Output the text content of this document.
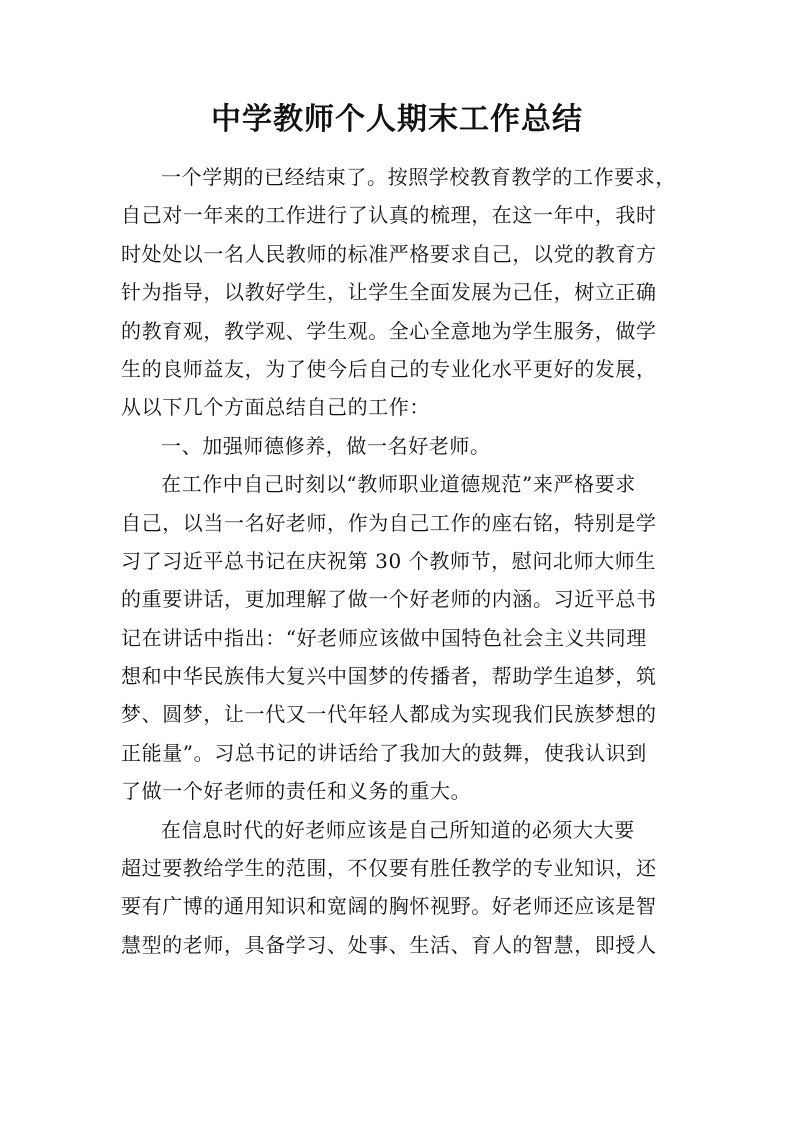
中学教师个人期末工作总结
一个学期的已经结束了。按照学校教育教学的工作要求，
自己对一年来的工作进行了认真的梳理，在这一年中，我时
时处处以一名人民教师的标准严格要求自己，以党的教育方
针为指导，以教好学生，让学生全面发展为己任，树立正确
的教育观，教学观、学生观。全心全意地为学生服务，做学
生的良师益友，为了使今后自己的专业化水平更好的发展，
从以下几个方面总结自己的工作：
一、加强师德修养，做一名好老师。
在工作中自己时刻以“教师职业道德规范”来严格要求
自己，以当一名好老师，作为自己工作的座右铭，特别是学
习了习近平总书记在庆祝第 30 个教师节，慰问北师大师生
的重要讲话，更加理解了做一个好老师的内涵。习近平总书
记在讲话中指出：“好老师应该做中国特色社会主义共同理
想和中华民族伟大复兴中国梦的传播者，帮助学生追梦，筑
梦、圆梦，让一代又一代年轻人都成为实现我们民族梦想的
正能量”。习总书记的讲话给了我加大的鼓舞，使我认识到
了做一个好老师的责任和义务的重大。
在信息时代的好老师应该是自己所知道的必须大大要
超过要教给学生的范围，不仅要有胜任教学的专业知识，还
要有广博的通用知识和宽阔的胸怀视野。好老师还应该是智
慧型的老师，具备学习、处事、生活、育人的智慧，即授人
